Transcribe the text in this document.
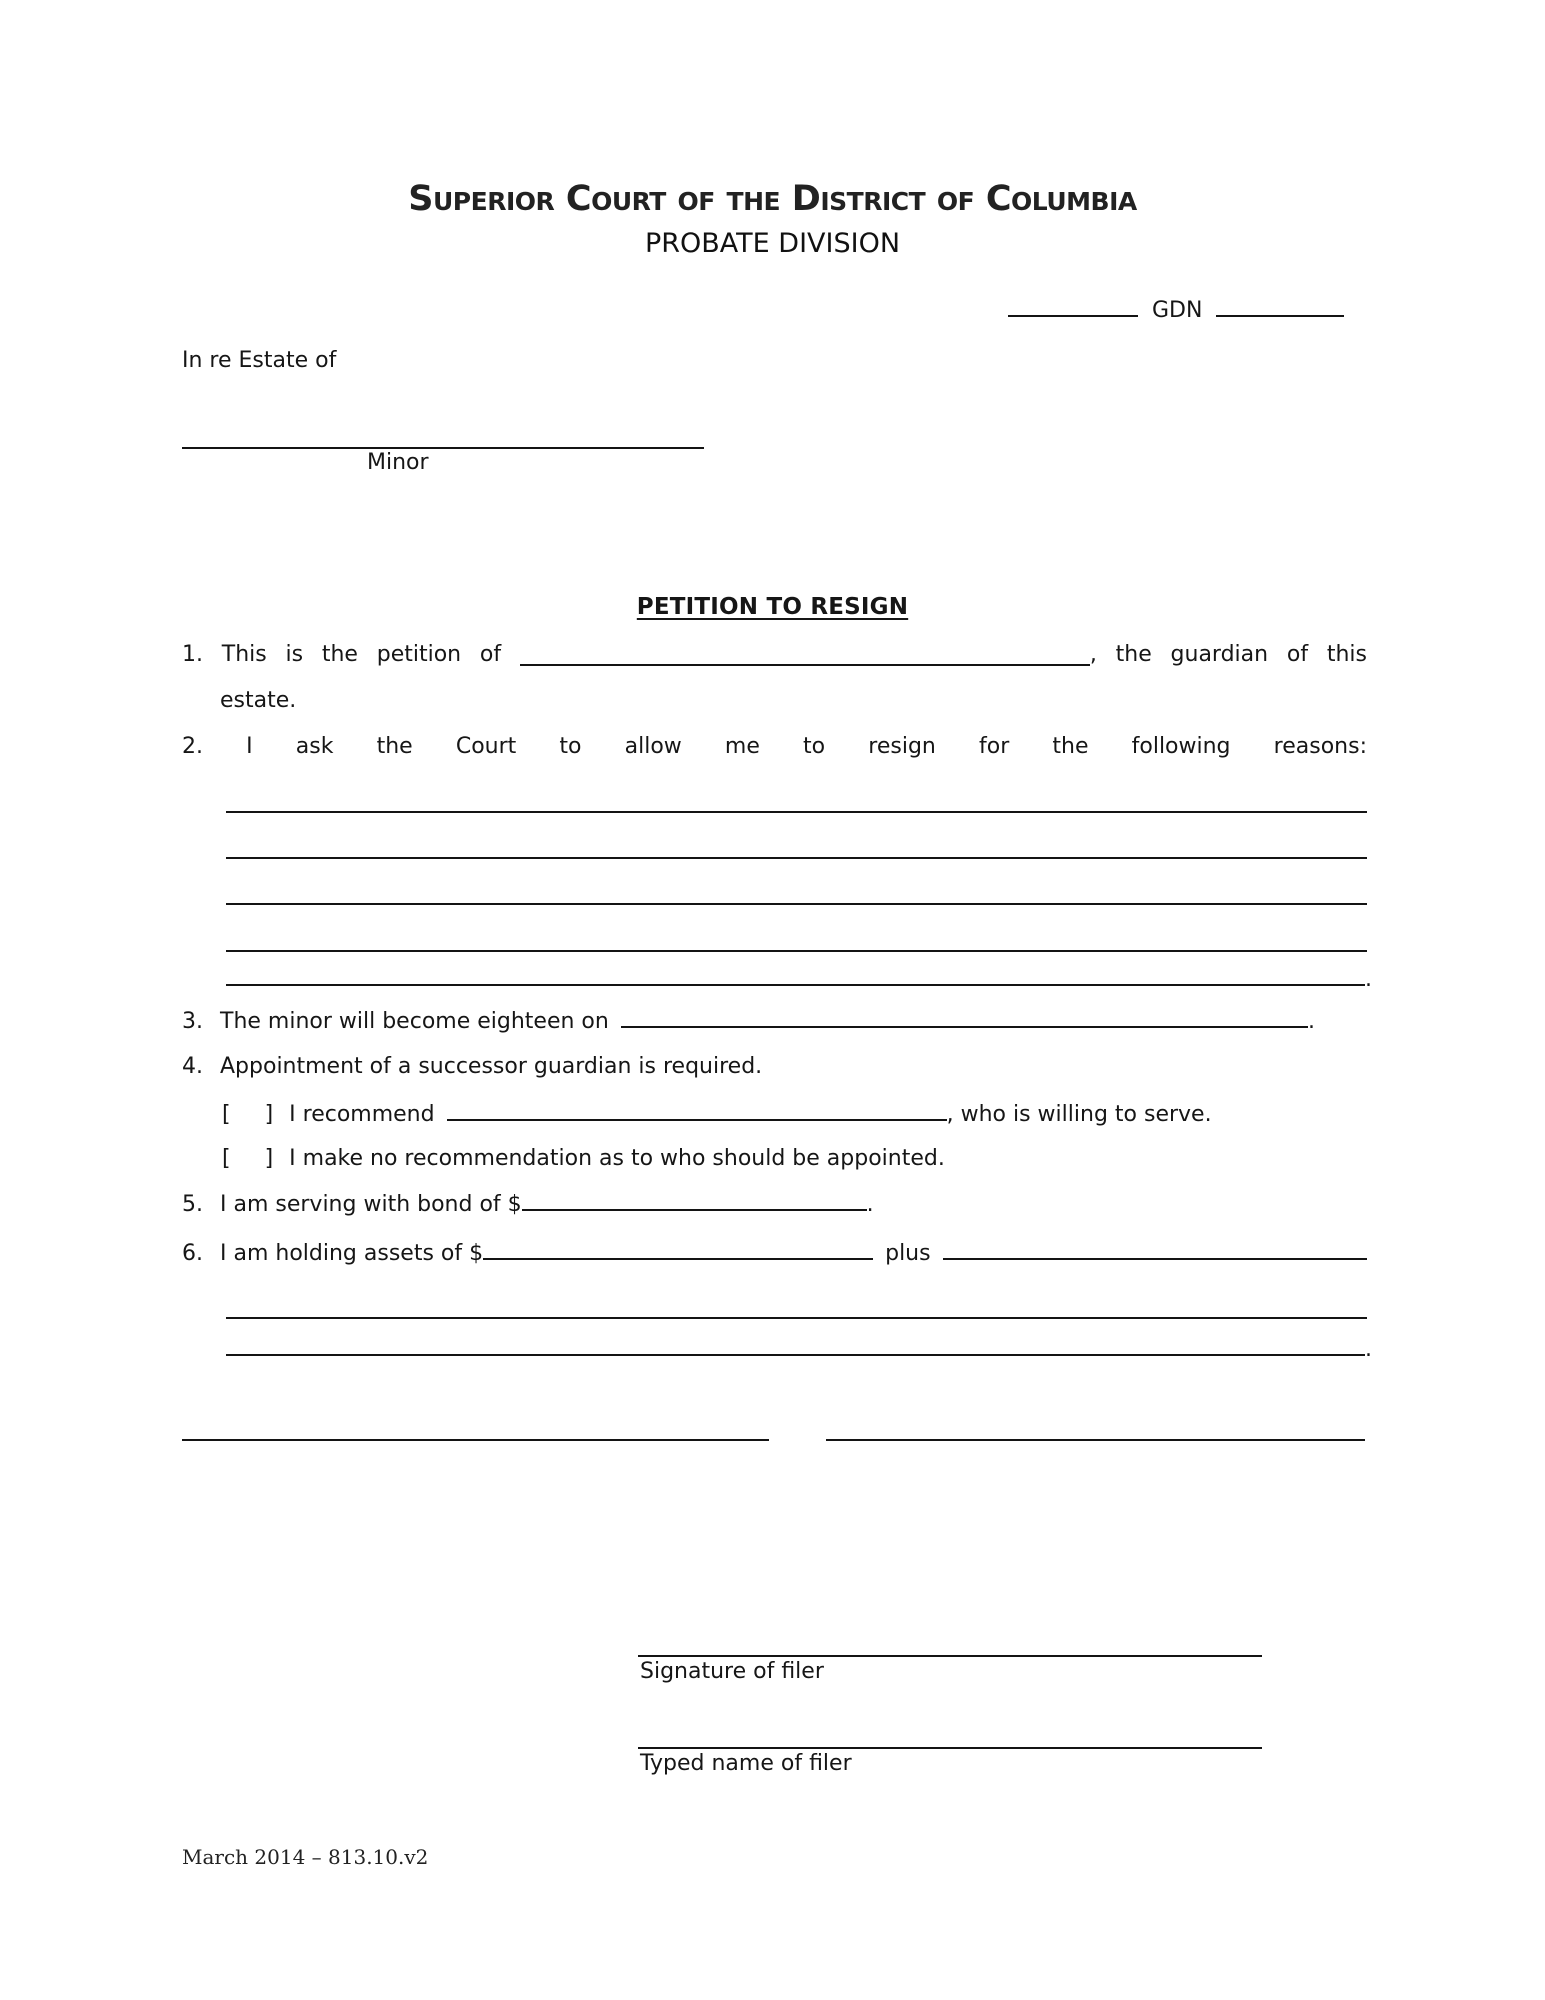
Superior Court of the District of Columbia
PROBATE DIVISION
GDN
In re Estate of
Minor
PETITION TO RESIGN
1. This is the petition of	, the guardian of this
estate.
2. I ask the Court to allow me to resign for the following reasons:
.
3. The minor will become eighteen on	.
4. Appointment of a successor guardian is required.
[  ] I recommend	, who is willing to serve.
[  ] I make no recommendation as to who should be appointed.
5. I am serving with bond of $	.
6. I am holding assets of $	plus
.
Signature of filer
Typed name of filer
March 2014 – 813.10.v2
